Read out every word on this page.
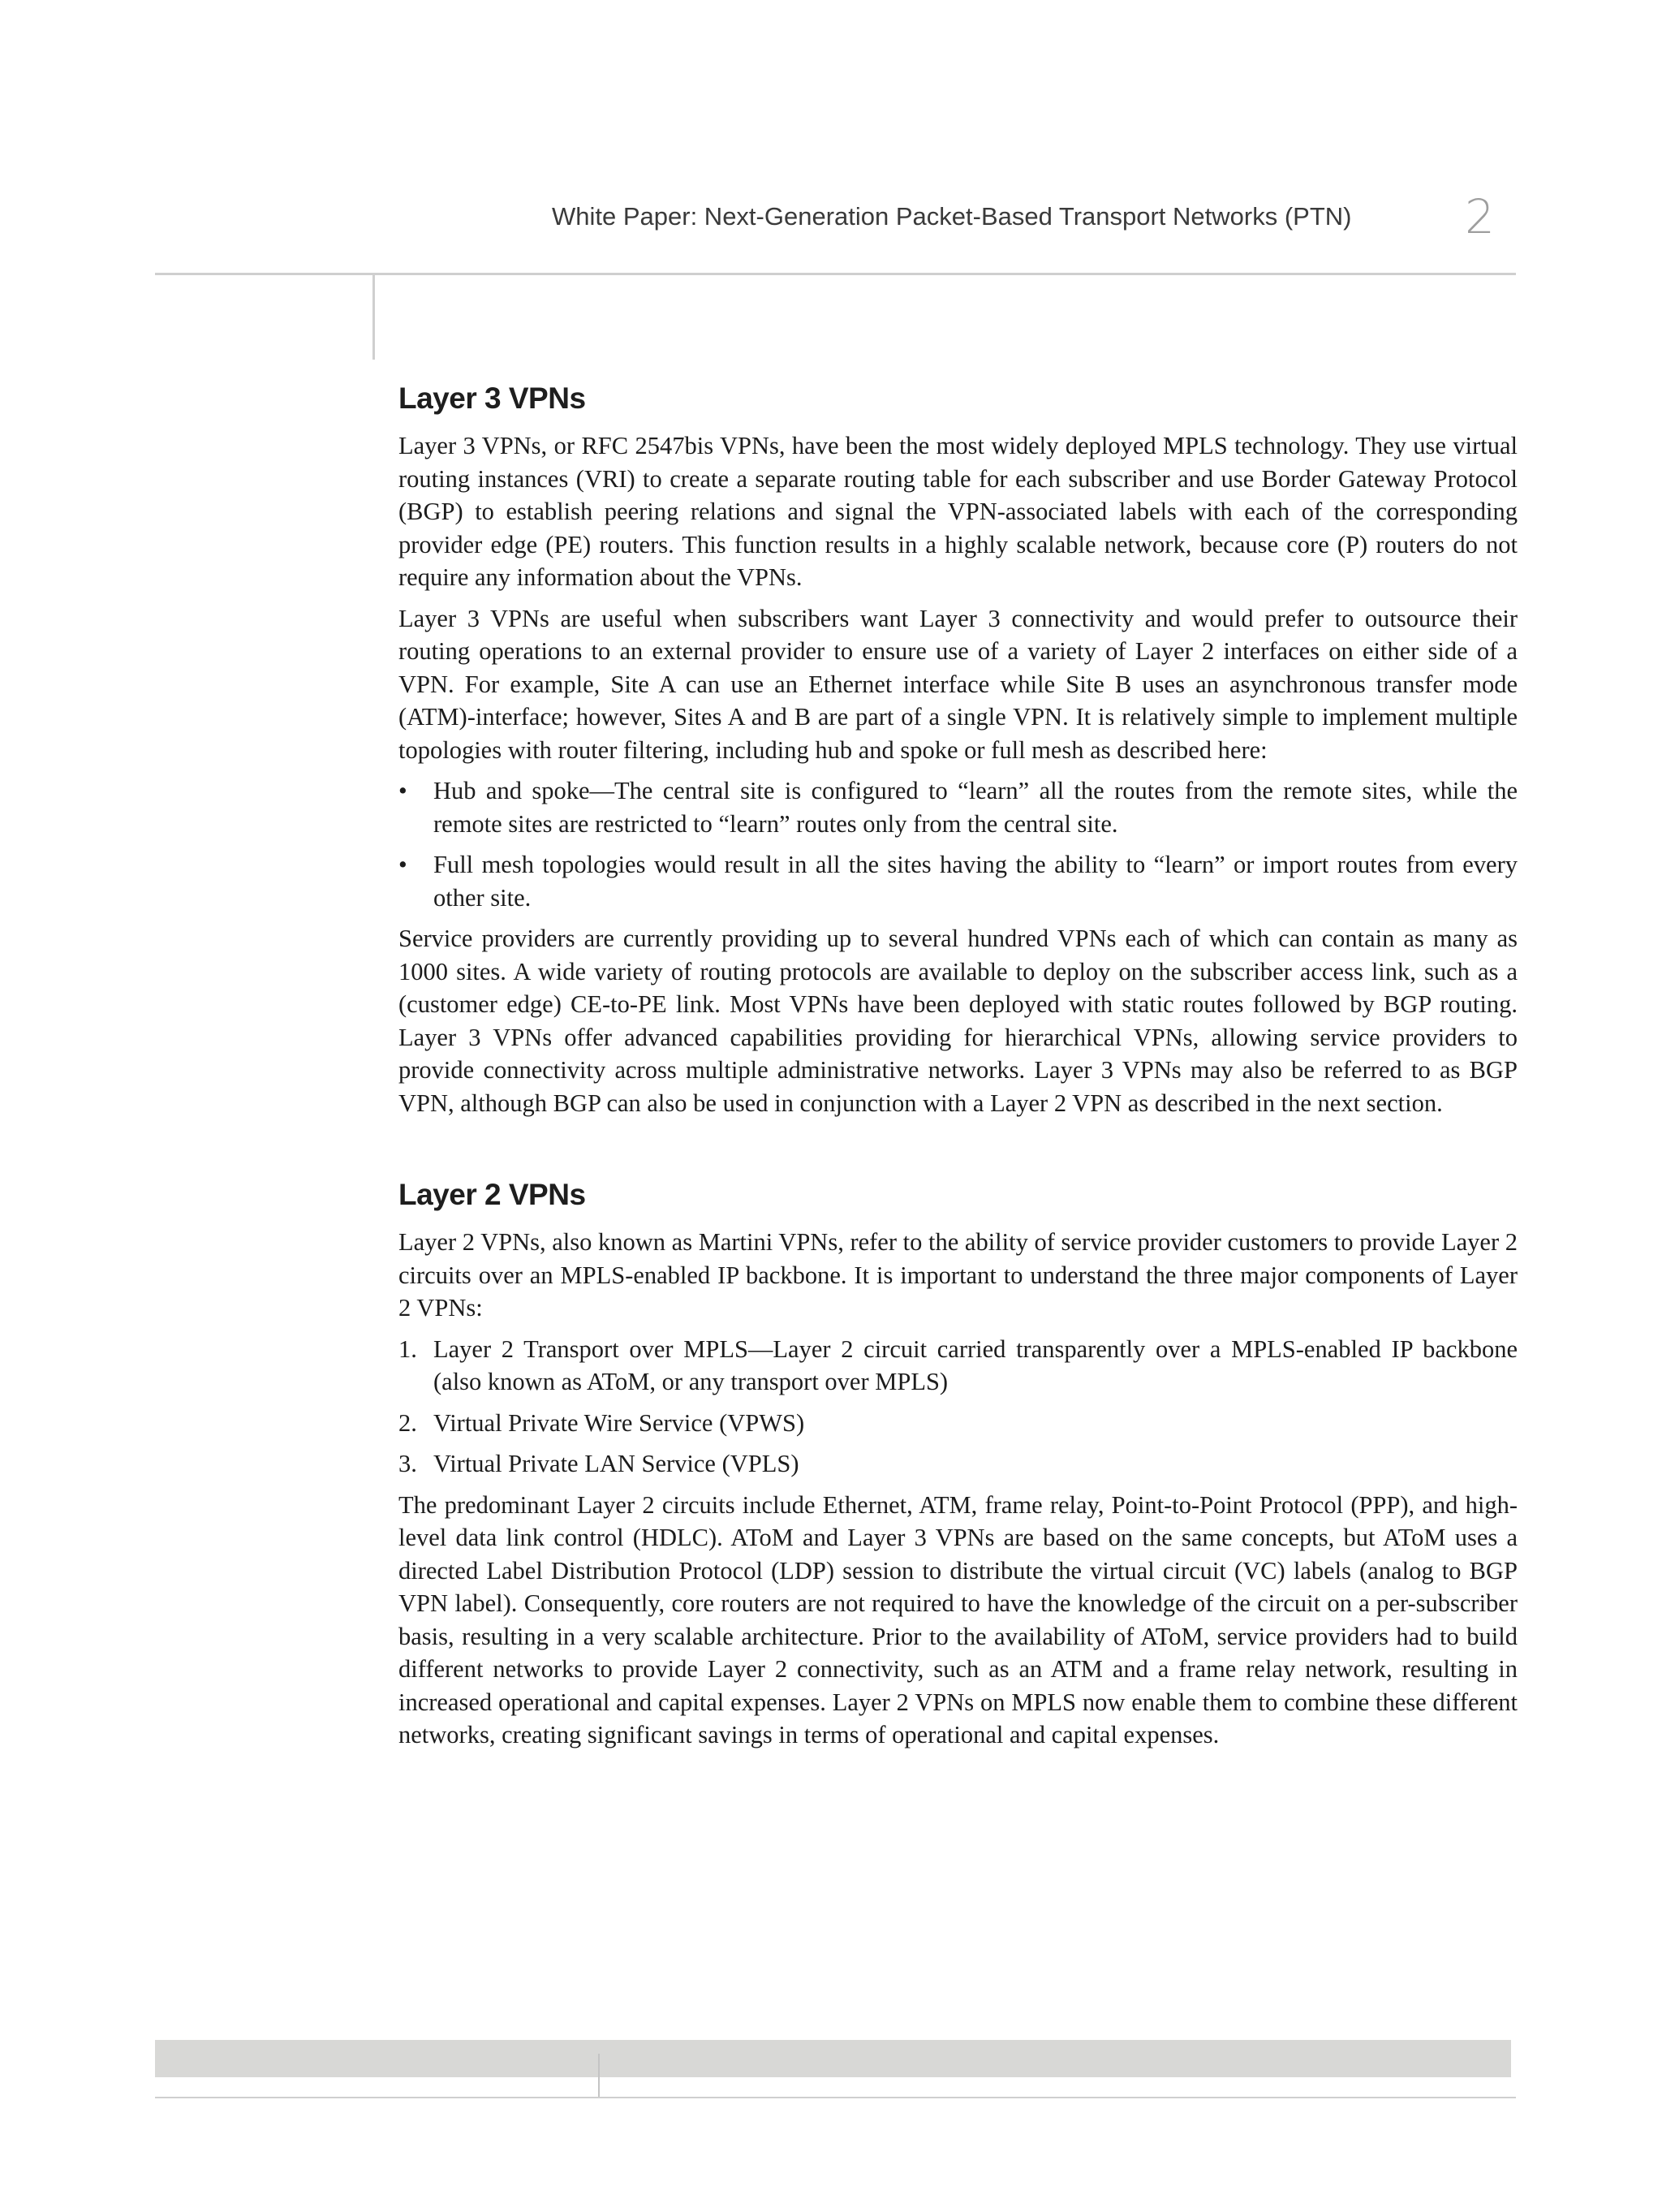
White Paper: Next-Generation Packet-Based Transport Networks (PTN) 2
Layer 3 VPNs

Layer 3 VPNs, or RFC 2547bis VPNs, have been the most widely deployed MPLS technology. They use virtual routing instances (VRI) to create a separate routing table for each subscriber and use Border Gateway Protocol (BGP) to establish peering relations and signal the VPN-associated labels with each of the corresponding provider edge (PE) routers. This function results in a highly scalable network, because core (P) routers do not require any information about the VPNs.

Layer 3 VPNs are useful when subscribers want Layer 3 connectivity and would prefer to outsource their routing operations to an external provider to ensure use of a variety of Layer 2 interfaces on either side of a VPN. For example, Site A can use an Ethernet interface while Site B uses an asynchronous transfer mode (ATM)-interface; however, Sites A and B are part of a single VPN. It is relatively simple to implement multiple topologies with router filtering, including hub and spoke or full mesh as described here:

• Hub and spoke—The central site is configured to “learn” all the routes from the remote sites, while the remote sites are restricted to “learn” routes only from the central site.
• Full mesh topologies would result in all the sites having the ability to “learn” or import routes from every other site.

Service providers are currently providing up to several hundred VPNs each of which can contain as many as 1000 sites. A wide variety of routing protocols are available to deploy on the subscriber access link, such as a (customer edge) CE-to-PE link. Most VPNs have been deployed with static routes followed by BGP routing. Layer 3 VPNs offer advanced capabilities providing for hierarchical VPNs, allowing service providers to provide connectivity across multiple administrative networks. Layer 3 VPNs may also be referred to as BGP VPN, although BGP can also be used in conjunction with a Layer 2 VPN as described in the next section.

Layer 2 VPNs

Layer 2 VPNs, also known as Martini VPNs, refer to the ability of service provider customers to provide Layer 2 circuits over an MPLS-enabled IP backbone. It is important to understand the three major components of Layer 2 VPNs:

1. Layer 2 Transport over MPLS—Layer 2 circuit carried transparently over a MPLS-enabled IP backbone (also known as AToM, or any transport over MPLS)
2. Virtual Private Wire Service (VPWS)
3. Virtual Private LAN Service (VPLS)

The predominant Layer 2 circuits include Ethernet, ATM, frame relay, Point-to-Point Protocol (PPP), and high-level data link control (HDLC). AToM and Layer 3 VPNs are based on the same concepts, but AToM uses a directed Label Distribution Protocol (LDP) session to distribute the virtual circuit (VC) labels (analog to BGP VPN label). Consequently, core routers are not required to have the knowledge of the circuit on a per-subscriber basis, resulting in a very scalable architecture. Prior to the availability of AToM, service providers had to build different networks to provide Layer 2 connectivity, such as an ATM and a frame relay network, resulting in increased operational and capital expenses. Layer 2 VPNs on MPLS now enable them to combine these different networks, creating significant savings in terms of operational and capital expenses.
